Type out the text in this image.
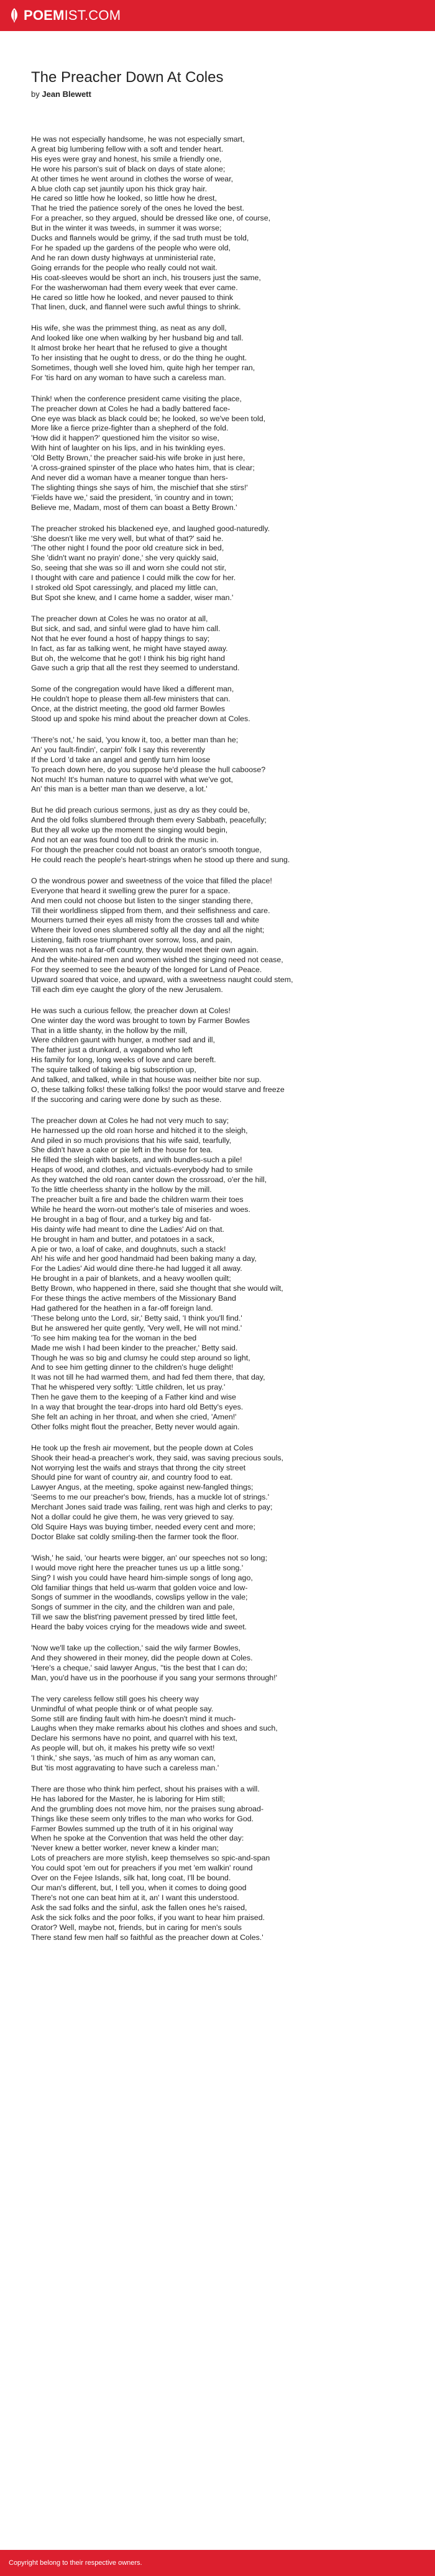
POEMIST.COM
The Preacher Down At Coles
by Jean Blewett
He was not especially handsome, he was not especially smart,
A great big lumbering fellow with a soft and tender heart.
His eyes were gray and honest, his smile a friendly one,
He wore his parson's suit of black on days of state alone;
At other times he went around in clothes the worse of wear,
A blue cloth cap set jauntily upon his thick gray hair.
He cared so little how he looked, so little how he drest,
That he tried the patience sorely of the ones he loved the best.
For a preacher, so they argued, should be dressed like one, of course,
But in the winter it was tweeds, in summer it was worse;
Ducks and flannels would be grimy, if the sad truth must be told,
For he spaded up the gardens of the people who were old,
And he ran down dusty highways at unministerial rate,
Going errands for the people who really could not wait.
His coat-sleeves would be short an inch, his trousers just the same,
For the washerwoman had them every week that ever came.
He cared so little how he looked, and never paused to think
That linen, duck, and flannel were such awful things to shrink.
His wife, she was the primmest thing, as neat as any doll,
And looked like one when walking by her husband big and tall.
It almost broke her heart that he refused to give a thought
To her insisting that he ought to dress, or do the thing he ought.
Sometimes, though well she loved him, quite high her temper ran,
For 'tis hard on any woman to have such a careless man.
Think! when the conference president came visiting the place,
The preacher down at Coles he had a badly battered face-
One eye was black as black could be; he looked, so we've been told,
More like a fierce prize-fighter than a shepherd of the fold.
'How did it happen?' questioned him the visitor so wise,
With hint of laughter on his lips, and in his twinkling eyes.
'Old Betty Brown,' the preacher said-his wife broke in just here,
'A cross-grained spinster of the place who hates him, that is clear;
And never did a woman have a meaner tongue than hers-
The slighting things she says of him, the mischief that she stirs!'
'Fields have we,' said the president, 'in country and in town;
Believe me, Madam, most of them can boast a Betty Brown.'
The preacher stroked his blackened eye, and laughed good-naturedly.
'She doesn't like me very well, but what of that?' said he.
'The other night I found the poor old creature sick in bed,
She 'didn't want no prayin' done,' she very quickly said,
So, seeing that she was so ill and worn she could not stir,
I thought with care and patience I could milk the cow for her.
I stroked old Spot caressingly, and placed my little can,
But Spot she knew, and I came home a sadder, wiser man.'
The preacher down at Coles he was no orator at all,
But sick, and sad, and sinful were glad to have him call.
Not that he ever found a host of happy things to say;
In fact, as far as talking went, he might have stayed away.
But oh, the welcome that he got! I think his big right hand
Gave such a grip that all the rest they seemed to understand.
Some of the congregation would have liked a different man,
He couldn't hope to please them all-few ministers that can.
Once, at the district meeting, the good old farmer Bowles
Stood up and spoke his mind about the preacher down at Coles.
'There's not,' he said, 'you know it, too, a better man than he;
An' you fault-findin', carpin' folk I say this reverently
If the Lord 'd take an angel and gently turn him loose
To preach down here, do you suppose he'd please the hull caboose?
Not much! It's human nature to quarrel with what we've got,
An' this man is a better man than we deserve, a lot.'
But he did preach curious sermons, just as dry as they could be,
And the old folks slumbered through them every Sabbath, peacefully;
But they all woke up the moment the singing would begin,
And not an ear was found too dull to drink the music in.
For though the preacher could not boast an orator's smooth tongue,
He could reach the people's heart-strings when he stood up there and sung.
O the wondrous power and sweetness of the voice that filled the place!
Everyone that heard it swelling grew the purer for a space.
And men could not choose but listen to the singer standing there,
Till their worldliness slipped from them, and their selfishness and care.
Mourners turned their eyes all misty from the crosses tall and white
Where their loved ones slumbered softly all the day and all the night;
Listening, faith rose triumphant over sorrow, loss, and pain,
Heaven was not a far-off country, they would meet their own again.
And the white-haired men and women wished the singing need not cease,
For they seemed to see the beauty of the longed for Land of Peace.
Upward soared that voice, and upward, with a sweetness naught could stem,
Till each dim eye caught the glory of the new Jerusalem.
He was such a curious fellow, the preacher down at Coles!
One winter day the word was brought to town by Farmer Bowles
That in a little shanty, in the hollow by the mill,
Were children gaunt with hunger, a mother sad and ill,
The father just a drunkard, a vagabond who left
His family for long, long weeks of love and care bereft.
The squire talked of taking a big subscription up,
And talked, and talked, while in that house was neither bite nor sup.
O, these talking folks! these talking folks! the poor would starve and freeze
If the succoring and caring were done by such as these.
The preacher down at Coles he had not very much to say;
He harnessed up the old roan horse and hitched it to the sleigh,
And piled in so much provisions that his wife said, tearfully,
She didn't have a cake or pie left in the house for tea.
He filled the sleigh with baskets, and with bundles-such a pile!
Heaps of wood, and clothes, and victuals-everybody had to smile
As they watched the old roan canter down the crossroad, o'er the hill,
To the little cheerless shanty in the hollow by the mill.
The preacher built a fire and bade the children warm their toes
While he heard the worn-out mother's tale of miseries and woes.
He brought in a bag of flour, and a turkey big and fat-
His dainty wife had meant to dine the Ladies' Aid on that.
He brought in ham and butter, and potatoes in a sack,
A pie or two, a loaf of cake, and doughnuts, such a stack!
Ah! his wife and her good handmaid had been baking many a day,
For the Ladies' Aid would dine there-he had lugged it all away.
He brought in a pair of blankets, and a heavy woollen quilt;
Betty Brown, who happened in there, said she thought that she would wilt,
For these things the active members of the Missionary Band
Had gathered for the heathen in a far-off foreign land.
'These belong unto the Lord, sir,' Betty said, 'I think you'll find.'
But he answered her quite gently, 'Very well, He will not mind.'
'To see him making tea for the woman in the bed
Made me wish I had been kinder to the preacher,' Betty said.
Though he was so big and clumsy he could step around so light,
And to see him getting dinner to the children's huge delight!
It was not till he had warmed them, and had fed them there, that day,
That he whispered very softly: 'Little children, let us pray.'
Then he gave them to the keeping of a Father kind and wise
In a way that brought the tear-drops into hard old Betty's eyes.
She felt an aching in her throat, and when she cried, 'Amen!'
Other folks might flout the preacher, Betty never would again.
He took up the fresh air movement, but the people down at Coles
Shook their head-a preacher's work, they said, was saving precious souls,
Not worrying lest the waifs and strays that throng the city street
Should pine for want of country air, and country food to eat.
Lawyer Angus, at the meeting, spoke against new-fangled things;
'Seems to me our preacher's bow, friends, has a muckle lot of strings.'
Merchant Jones said trade was failing, rent was high and clerks to pay;
Not a dollar could he give them, he was very grieved to say.
Old Squire Hays was buying timber, needed every cent and more;
Doctor Blake sat coldly smiling-then the farmer took the floor.
'Wish,' he said, 'our hearts were bigger, an' our speeches not so long;
I would move right here the preacher tunes us up a little song.'
Sing? I wish you could have heard him-simple songs of long ago,
Old familiar things that held us-warm that golden voice and low-
Songs of summer in the woodlands, cowslips yellow in the vale;
Songs of summer in the city, and the children wan and pale,
Till we saw the blist'ring pavement pressed by tired little feet,
Heard the baby voices crying for the meadows wide and sweet.
'Now we'll take up the collection,' said the wily farmer Bowles,
And they showered in their money, did the people down at Coles.
'Here's a cheque,' said lawyer Angus, ''tis the best that I can do;
Man, you'd have us in the poorhouse if you sang your sermons through!'
The very careless fellow still goes his cheery way
Unmindful of what people think or of what people say.
Some still are finding fault with him-he doesn't mind it much-
Laughs when they make remarks about his clothes and shoes and such,
Declare his sermons have no point, and quarrel with his text,
As people will, but oh, it makes his pretty wife so vext!
'I think,' she says, 'as much of him as any woman can,
But 'tis most aggravating to have such a careless man.'
There are those who think him perfect, shout his praises with a will.
He has labored for the Master, he is laboring for Him still;
And the grumbling does not move him, nor the praises sung abroad-
Things like these seem only trifles to the man who works for God.
Farmer Bowles summed up the truth of it in his original way
When he spoke at the Convention that was held the other day:
'Never knew a better worker, never knew a kinder man;
Lots of preachers are more stylish, keep themselves so spic-and-span
You could spot 'em out for preachers if you met 'em walkin' round
Over on the Fejee Islands, silk hat, long coat, I'll be bound.
Our man's different, but, I tell you, when it comes to doing good
There's not one can beat him at it, an' I want this understood.
Ask the sad folks and the sinful, ask the fallen ones he's raised,
Ask the sick folks and the poor folks, if you want to hear him praised.
Orator? Well, maybe not, friends, but in caring for men's souls
There stand few men half so faithful as the preacher down at Coles.'
Copyright belong to their respective owners.
